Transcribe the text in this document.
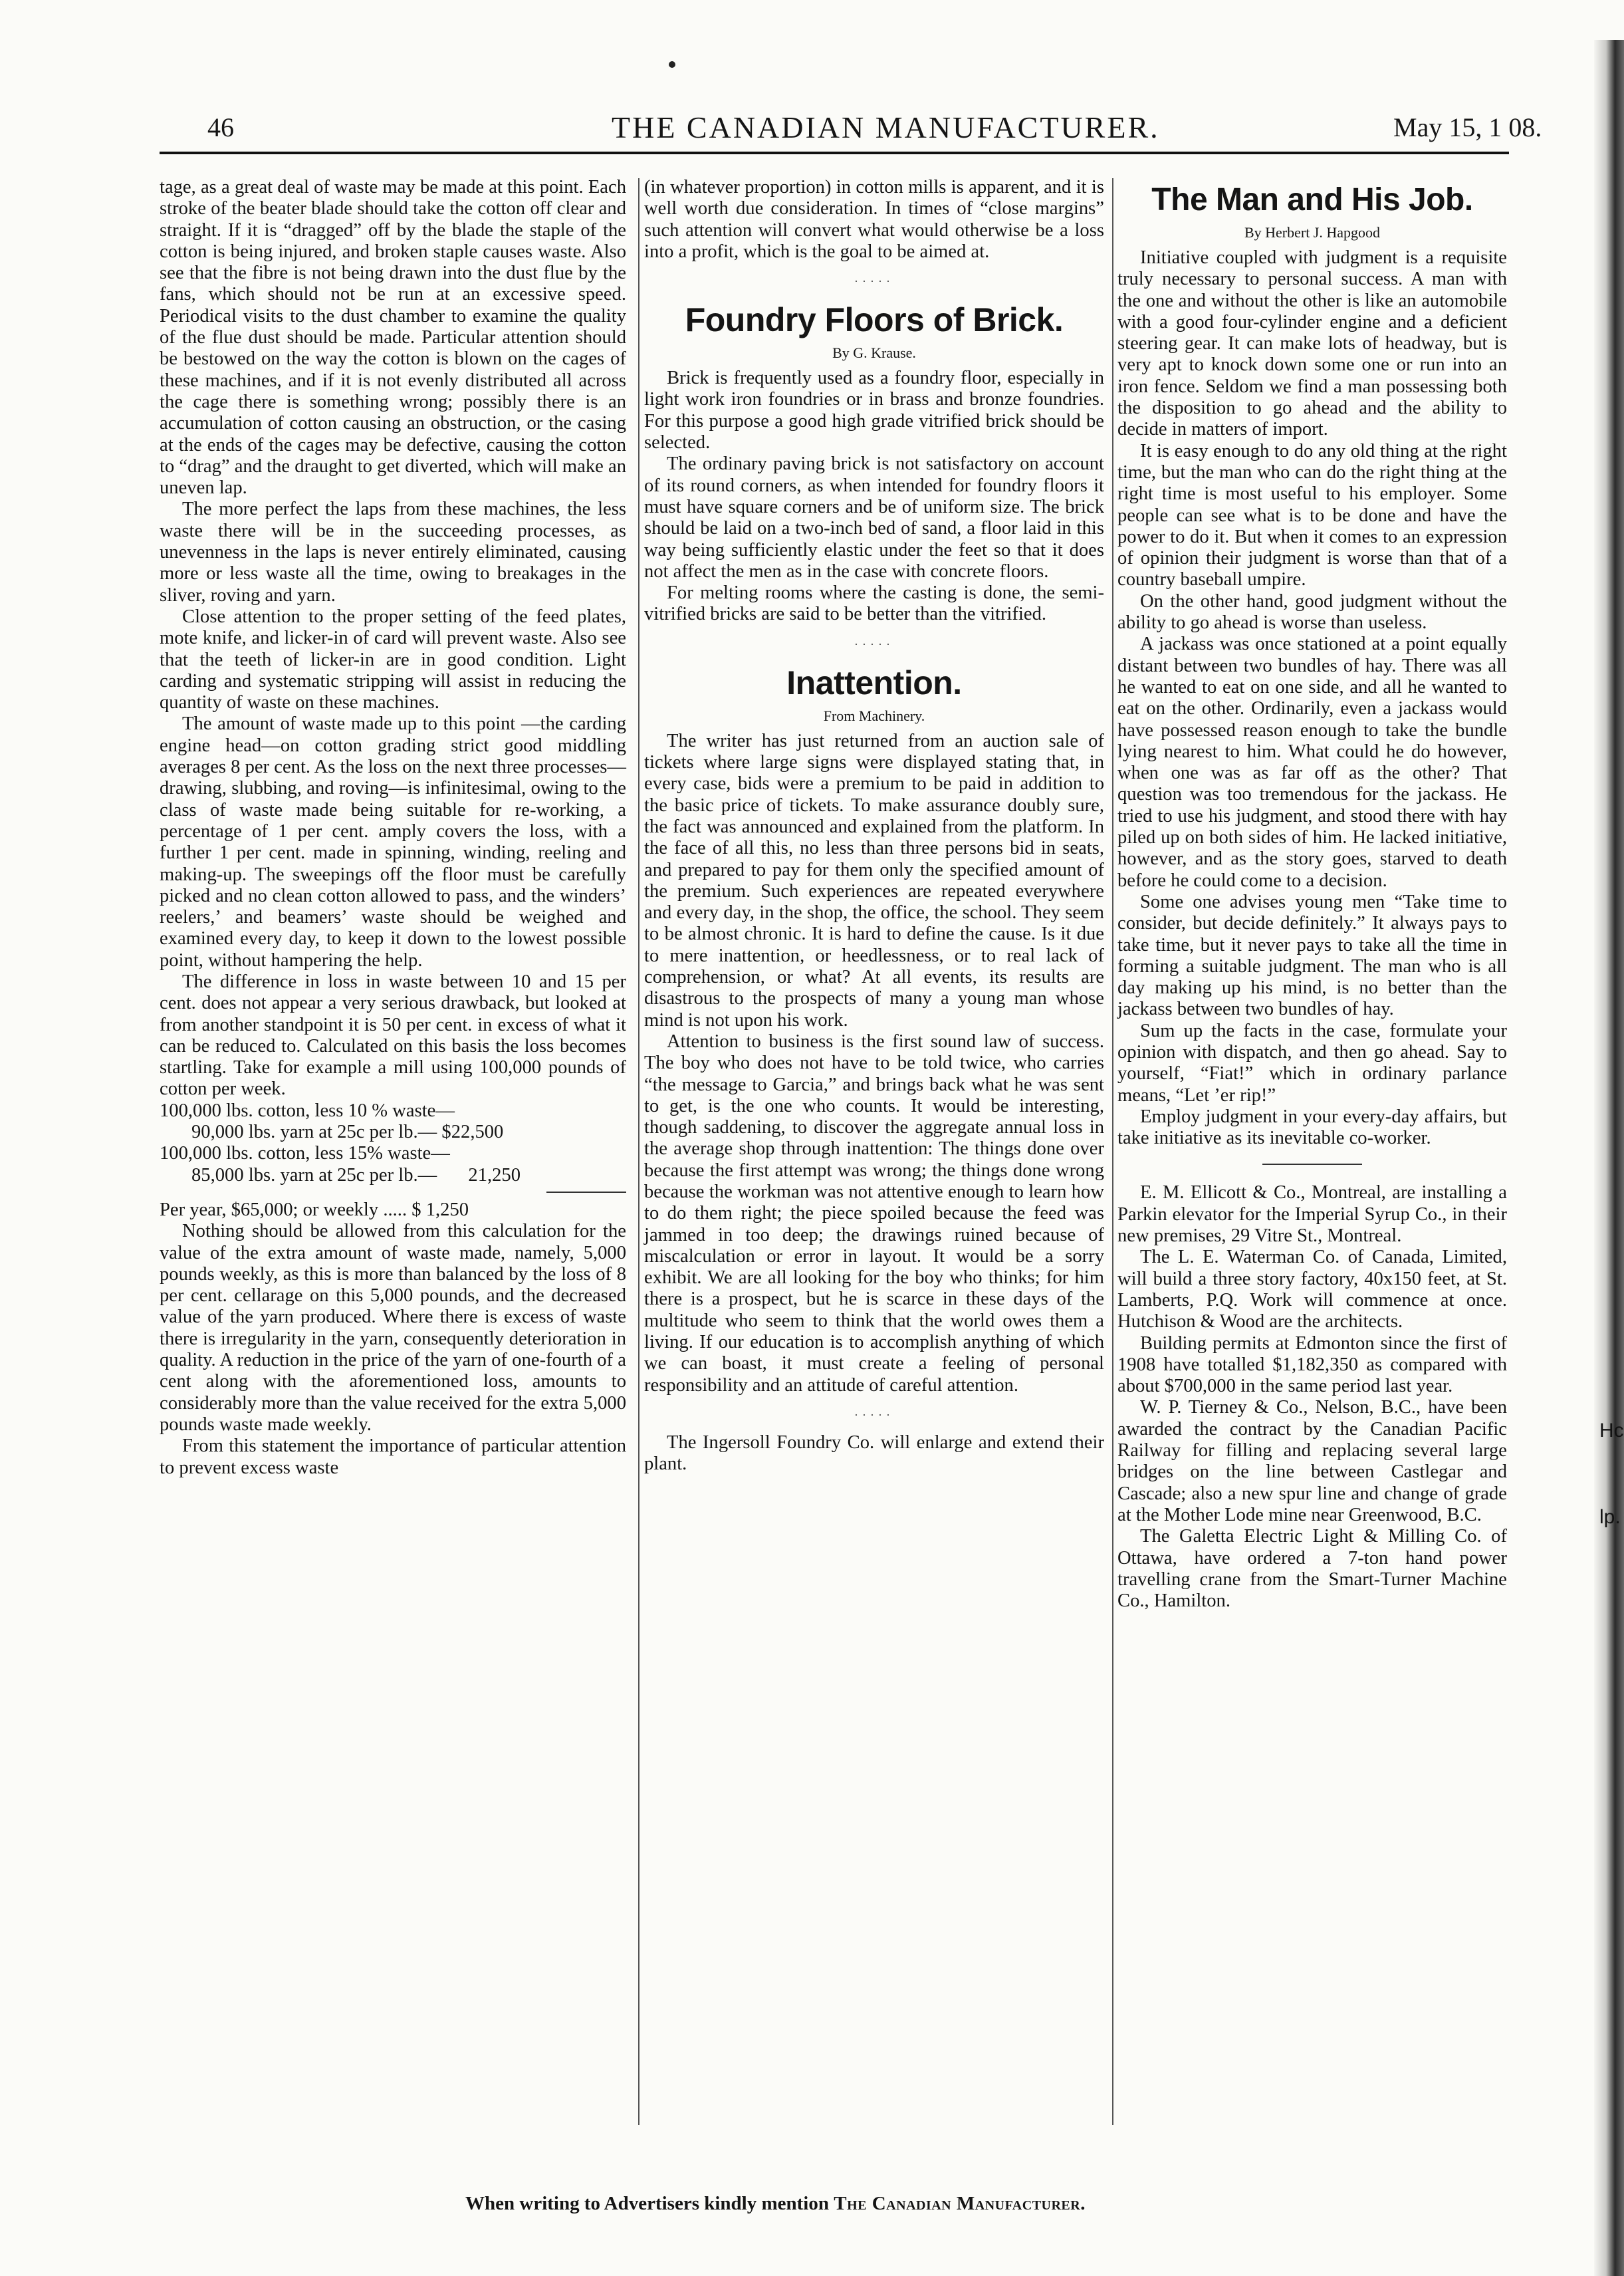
46	THE CANADIAN MANUFACTURER.	May 15, 1 08.

tage, as a great deal of waste may be made at this point. Each stroke of the beater blade should take the cotton off clear and straight. If it is “dragged” off by the blade the staple of the cotton is being injured, and broken staple causes waste. Also see that the fibre is not being drawn into the dust flue by the fans, which should not be run at an excessive speed. Periodical visits to the dust chamber to examine the quality of the flue dust should be made. Particular attention should be bestowed on the way the cotton is blown on the cages of these machines, and if it is not evenly distributed all across the cage there is something wrong; possibly there is an accumulation of cotton causing an obstruction, or the casing at the ends of the cages may be defective, causing the cotton to “drag” and the draught to get diverted, which will make an uneven lap.

The more perfect the laps from these machines, the less waste there will be in the succeeding processes, as unevenness in the laps is never entirely eliminated, causing more or less waste all the time, owing to breakages in the sliver, roving and yarn.

Close attention to the proper setting of the feed plates, mote knife, and licker-in of card will prevent waste. Also see that the teeth of licker-in are in good condition. Light carding and systematic stripping will assist in reducing the quantity of waste on these machines.

The amount of waste made up to this point —the carding engine head—on cotton grading strict good middling averages 8 per cent. As the loss on the next three processes—drawing, slubbing, and roving—is infinitesimal, owing to the class of waste made being suitable for re-working, a percentage of 1 per cent. amply covers the loss, with a further 1 per cent. made in spinning, winding, reeling and making-up. The sweepings off the floor must be carefully picked and no clean cotton allowed to pass, and the winders’ reelers,’ and beamers’ waste should be weighed and examined every day, to keep it down to the lowest possible point, without hampering the help.

The difference in loss in waste between 10 and 15 per cent. does not appear a very serious drawback, but looked at from another standpoint it is 50 per cent. in excess of what it can be reduced to. Calculated on this basis the loss becomes startling. Take for example a mill using 100,000 pounds of cotton per week.

100,000 lbs. cotton, less 10 % waste—

90,000 lbs. yarn at 25c per lb.— $22,500

100,000 lbs. cotton, less 15% waste—

85,000 lbs. yarn at 25c per lb.— 21,250

Per year, $65,000; or weekly ..... $ 1,250

Nothing should be allowed from this calculation for the value of the extra amount of waste made, namely, 5,000 pounds weekly, as this is more than balanced by the loss of 8 per cent. cellarage on this 5,000 pounds, and the decreased value of the yarn produced. Where there is excess of waste there is irregularity in the yarn, consequently deterioration in quality. A reduction in the price of the yarn of one-fourth of a cent along with the aforementioned loss, amounts to considerably more than the value received for the extra 5,000 pounds waste made weekly.

From this statement the importance of particular attention to prevent excess waste

(in whatever proportion) in cotton mills is apparent, and it is well worth due consideration. In times of “close margins” such attention will convert what would otherwise be a loss into a profit, which is the goal to be aimed at.

·····
Foundry Floors of Brick.
By G. Krause.

Brick is frequently used as a foundry floor, especially in light work iron foundries or in brass and bronze foundries. For this purpose a good high grade vitrified brick should be selected.

The ordinary paving brick is not satisfactory on account of its round corners, as when intended for foundry floors it must have square corners and be of uniform size. The brick should be laid on a two-inch bed of sand, a floor laid in this way being sufficiently elastic under the feet so that it does not affect the men as in the case with concrete floors.

For melting rooms where the casting is done, the semi-vitrified bricks are said to be better than the vitrified.

·····
Inattention.
From Machinery.

The writer has just returned from an auction sale of tickets where large signs were displayed stating that, in every case, bids were a premium to be paid in addition to the basic price of tickets. To make assurance doubly sure, the fact was announced and explained from the platform. In the face of all this, no less than three persons bid in seats, and prepared to pay for them only the specified amount of the premium. Such experiences are repeated everywhere and every day, in the shop, the office, the school. They seem to be almost chronic. It is hard to define the cause. Is it due to mere inattention, or heedlessness, or to real lack of comprehension, or what? At all events, its results are disastrous to the prospects of many a young man whose mind is not upon his work.

Attention to business is the first sound law of success. The boy who does not have to be told twice, who carries “the message to Garcia,” and brings back what he was sent to get, is the one who counts. It would be interesting, though saddening, to discover the aggregate annual loss in the average shop through inattention: The things done over because the first attempt was wrong; the things done wrong because the workman was not attentive enough to learn how to do them right; the piece spoiled because the feed was jammed in too deep; the drawings ruined because of miscalculation or error in layout. It would be a sorry exhibit. We are all looking for the boy who thinks; for him there is a prospect, but he is scarce in these days of the multitude who seem to think that the world owes them a living. If our education is to accomplish anything of which we can boast, it must create a feeling of personal responsibility and an attitude of careful attention.

·····

The Ingersoll Foundry Co. will enlarge and extend their plant.

The Man and His Job.
By Herbert J. Hapgood

Initiative coupled with judgment is a requisite truly necessary to personal success. A man with the one and without the other is like an automobile with a good four-cylinder engine and a deficient steering gear. It can make lots of headway, but is very apt to knock down some one or run into an iron fence. Seldom we find a man possessing both the disposition to go ahead and the ability to decide in matters of import.

It is easy enough to do any old thing at the right time, but the man who can do the right thing at the right time is most useful to his employer. Some people can see what is to be done and have the power to do it. But when it comes to an expression of opinion their judgment is worse than that of a country baseball umpire.

On the other hand, good judgment without the ability to go ahead is worse than useless.

A jackass was once stationed at a point equally distant between two bundles of hay. There was all he wanted to eat on one side, and all he wanted to eat on the other. Ordinarily, even a jackass would have possessed reason enough to take the bundle lying nearest to him. What could he do however, when one was as far off as the other? That question was too tremendous for the jackass. He tried to use his judgment, and stood there with hay piled up on both sides of him. He lacked initiative, however, and as the story goes, starved to death before he could come to a decision.

Some one advises young men “Take time to consider, but decide definitely.” It always pays to take time, but it never pays to take all the time in forming a suitable judgment. The man who is all day making up his mind, is no better than the jackass between two bundles of hay.

Sum up the facts in the case, formulate your opinion with dispatch, and then go ahead. Say to yourself, “Fiat!” which in ordinary parlance means, “Let ’er rip!”

Employ judgment in your every-day affairs, but take initiative as its inevitable co-worker.

E. M. Ellicott & Co., Montreal, are installing a Parkin elevator for the Imperial Syrup Co., in their new premises, 29 Vitre St., Montreal.

The L. E. Waterman Co. of Canada, Limited, will build a three story factory, 40x150 feet, at St. Lamberts, P.Q. Work will commence at once. Hutchison & Wood are the architects.

Building permits at Edmonton since the first of 1908 have totalled $1,182,350 as compared with about $700,000 in the same period last year.

W. P. Tierney & Co., Nelson, B.C., have been awarded the contract by the Canadian Pacific Railway for filling and replacing several large bridges on the line between Castlegar and Cascade; also a new spur line and change of grade at the Mother Lode mine near Greenwood, B.C.

The Galetta Electric Light & Milling Co. of Ottawa, have ordered a 7-ton hand power travelling crane from the Smart-Turner Machine Co., Hamilton.

When writing to Advertisers kindly mention The Canadian Manufacturer.
Hc
lp.
